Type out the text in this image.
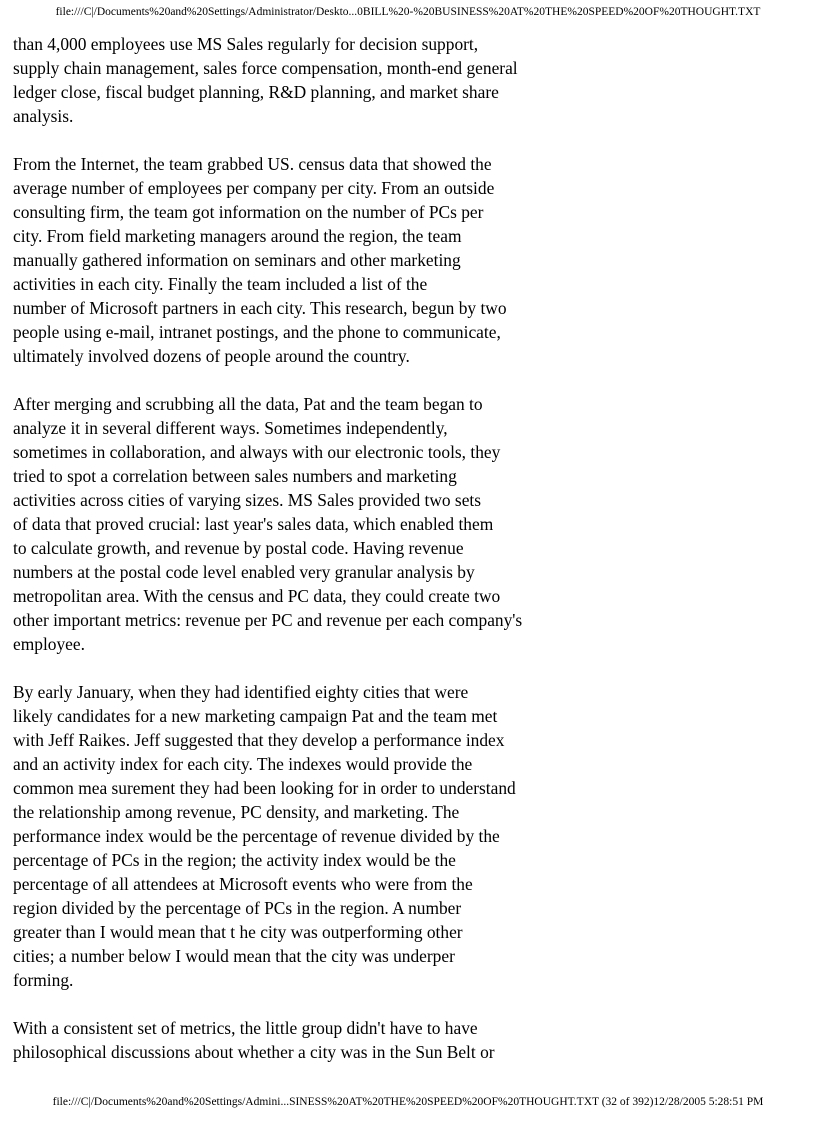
file:///C|/Documents%20and%20Settings/Administrator/Deskto...0BILL%20-%20BUSINESS%20AT%20THE%20SPEED%20OF%20THOUGHT.TXT
than 4,000 employees use MS Sales regularly for decision support,
supply chain management, sales force compensation, month-end general
ledger close, fiscal budget planning, R&D planning, and market share
analysis.
From the Internet, the team grabbed US. census data that showed the
average number of employees per company per city. From an outside
consulting firm, the team got information on the number of PCs per
city. From field marketing managers around the region, the team
manually gathered information on seminars and other marketing
activities in each city. Finally the team included a list of the
number of Microsoft partners in each city. This research, begun by two
people using e-mail, intranet postings, and the phone to communicate,
ultimately involved dozens of people around the country.
After merging and scrubbing all the data, Pat and the team began to
analyze it in several different ways. Sometimes independently,
sometimes in collaboration, and always with our electronic tools, they
tried to spot a correlation between sales numbers and marketing
activities across cities of varying sizes. MS Sales provided two sets
of data that proved crucial: last year's sales data, which enabled them
to calculate growth, and revenue by postal code. Having revenue
numbers at the postal code level enabled very granular analysis by
metropolitan area. With the census and PC data, they could create two
other important metrics: revenue per PC and revenue per each company's
employee.
By early January, when they had identified eighty cities that were
likely candidates for a new marketing campaign Pat and the team met
with Jeff Raikes. Jeff suggested that they develop a performance index
and an activity index for each city. The indexes would provide the
common mea surement they had been looking for in order to understand
the relationship among revenue, PC density, and marketing. The
performance index would be the percentage of revenue divided by the
percentage of PCs in the region; the activity index would be the
percentage of all attendees at Microsoft events who were from the
region divided by the percentage of PCs in the region. A number
greater than I would mean that t he city was outperforming other
cities; a number below I would mean that the city was underper
forming.
With a consistent set of metrics, the little group didn't have to have
philosophical discussions about whether a city was in the Sun Belt or
file:///C|/Documents%20and%20Settings/Admini...SINESS%20AT%20THE%20SPEED%20OF%20THOUGHT.TXT (32 of 392)12/28/2005 5:28:51 PM
